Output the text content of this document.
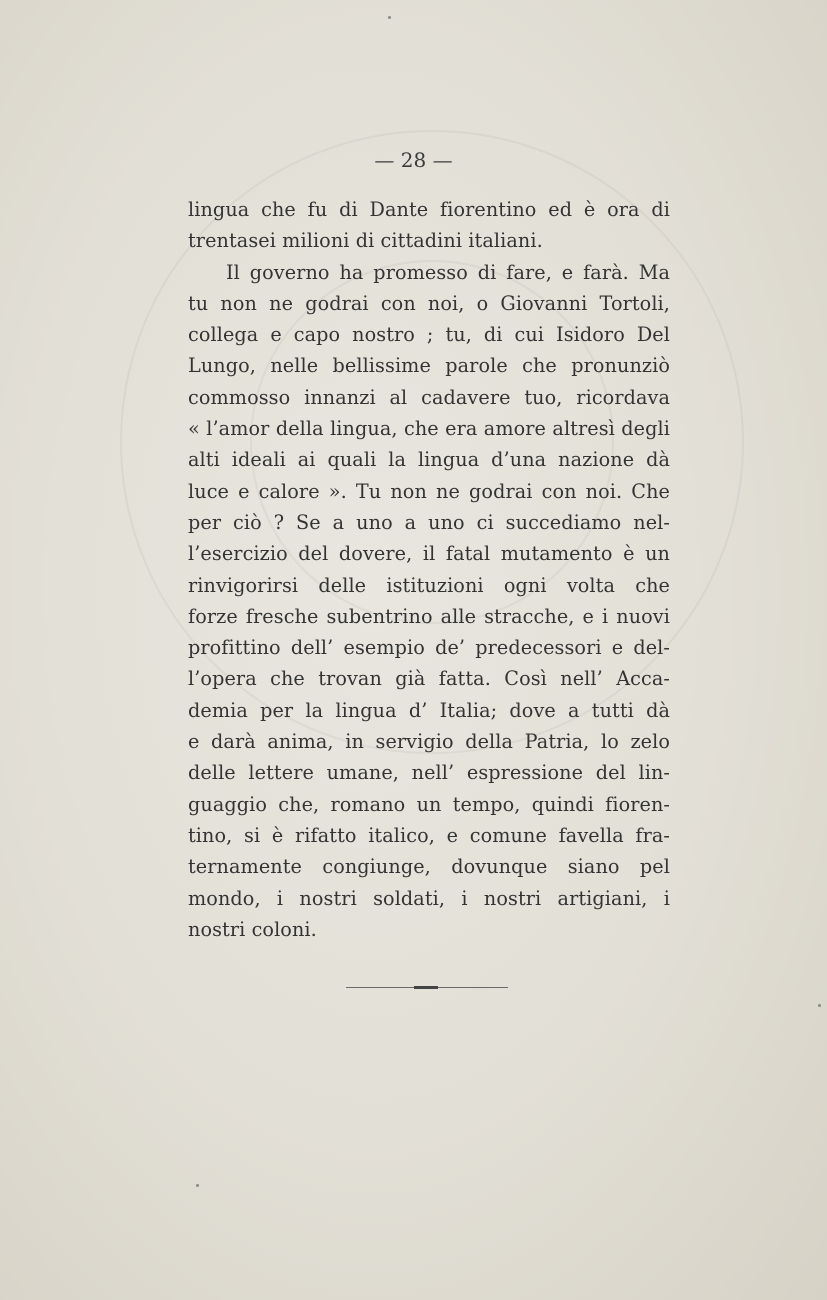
— 28 —
lingua che fu di Dante fiorentino ed è ora di
trentasei milioni di cittadini italiani.
Il governo ha promesso di fare, e farà. Ma
tu non ne godrai con noi, o Giovanni Tortoli,
collega e capo nostro ; tu, di cui Isidoro Del
Lungo, nelle bellissime parole che pronunziò
commosso innanzi al cadavere tuo, ricordava
« l’amor della lingua, che era amore altresì degli
alti ideali ai quali la lingua d’una nazione dà
luce e calore ». Tu non ne godrai con noi. Che
per ciò ? Se a uno a uno ci succediamo nel-
l’esercizio del dovere, il fatal mutamento è un
rinvigorirsi delle istituzioni ogni volta che
forze fresche subentrino alle stracche, e i nuovi
profittino dell’ esempio de’ predecessori e del-
l’opera che trovan già fatta. Così nell’ Acca-
demia per la lingua d’ Italia; dove a tutti dà
e darà anima, in servigio della Patria, lo zelo
delle lettere umane, nell’ espressione del lin-
guaggio che, romano un tempo, quindi fioren-
tino, si è rifatto italico, e comune favella fra-
ternamente congiunge, dovunque siano pel
mondo, i nostri soldati, i nostri artigiani, i
nostri coloni.
